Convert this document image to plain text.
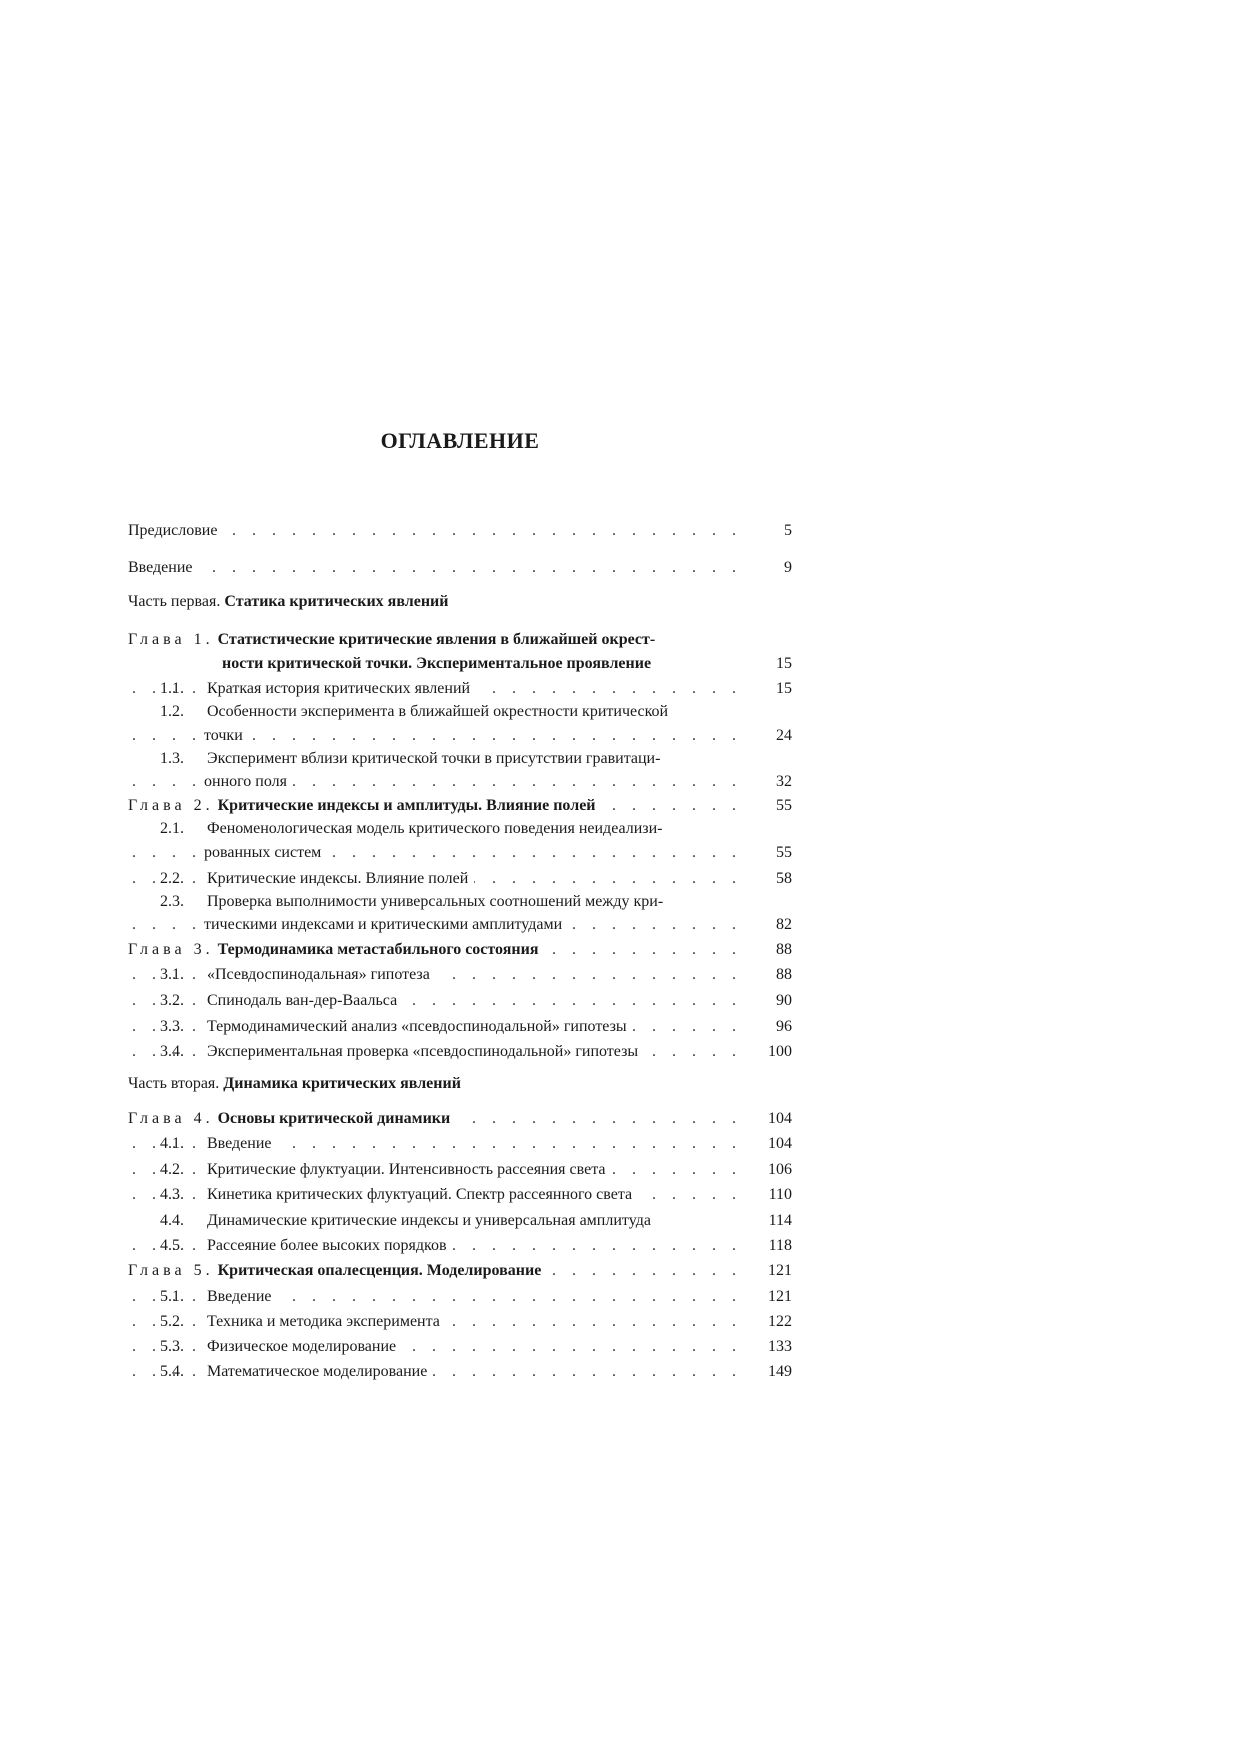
ОГЛАВЛЕНИЕ
. . .
Предисловие	5
. . .
Введение	9
Часть первая. Статика критических явлений
Глава 1. Статистические критические явления в ближайшей окрест-
ности критической точки. Экспериментальное проявление	15
. . .
1.1. Краткая история критических явлений	15
1.2. Особенности эксперимента в ближайшей окрестности критической
. . .
точки	24
1.3. Эксперимент вблизи критической точки в присутствии гравитаци-
. . .
онного поля	32
. . .
Глава 2. Критические индексы и амплитуды. Влияние полей	55
2.1. Феноменологическая модель критического поведения неидеализи-
. . .
рованных систем	55
. . .
2.2. Критические индексы. Влияние полей	58
2.3. Проверка выполнимости универсальных соотношений между кри-
. . .
тическими индексами и критическими амплитудами	82
. . .
Глава 3. Термодинамика метастабильного состояния	88
. . .
3.1. «Псевдоспинодальная» гипотеза	88
. . .
3.2. Спинодаль ван-дер-Ваальса	90
. . .
3.3. Термодинамический анализ «псевдоспинодальной» гипотезы	96
. . .
3.4. Экспериментальная проверка «псевдоспинодальной» гипотезы	100
Часть вторая. Динамика критических явлений
. . .
Глава 4. Основы критической динамики	104
. . .
4.1. Введение	104
. . .
4.2. Критические флуктуации. Интенсивность рассеяния света	106
. . .
4.3. Кинетика критических флуктуаций. Спектр рассеянного света	110
4.4. Динамические критические индексы и универсальная амплитуда	114
. . .
4.5. Рассеяние более высоких порядков	118
. . .
Глава 5. Критическая опалесценция. Моделирование	121
. . .
5.1. Введение	121
. . .
5.2. Техника и методика эксперимента	122
. . .
5.3. Физическое моделирование	133
. . .
5.4. Математическое моделирование	149
